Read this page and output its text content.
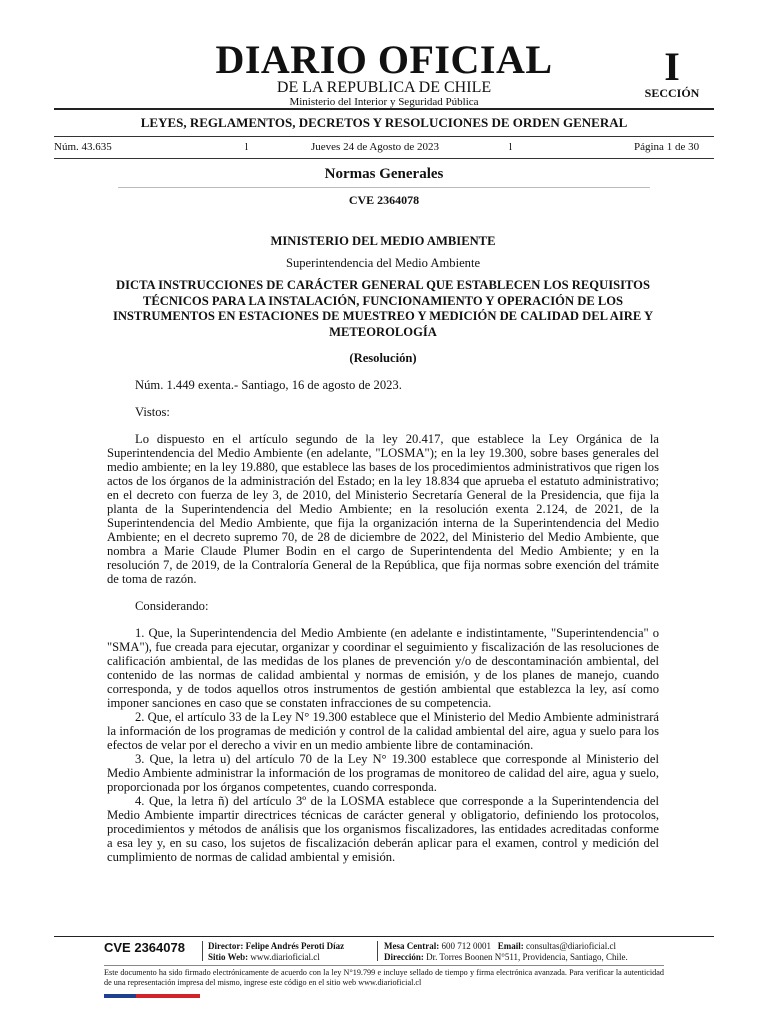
DIARIO OFICIAL
DE LA REPUBLICA DE CHILE
Ministerio del Interior y Seguridad Pública
I
SECCIÓN
LEYES, REGLAMENTOS, DECRETOS Y RESOLUCIONES DE ORDEN GENERAL
Núm. 43.635	l	Jueves 24 de Agosto de 2023	l	Página 1 de 30
Normas Generales
CVE 2364078

MINISTERIO DEL MEDIO AMBIENTE

Superintendencia del Medio Ambiente

DICTA INSTRUCCIONES DE CARÁCTER GENERAL QUE ESTABLECEN LOS REQUISITOS TÉCNICOS PARA LA INSTALACIÓN, FUNCIONAMIENTO Y OPERACIÓN DE LOS INSTRUMENTOS EN ESTACIONES DE MUESTREO Y MEDICIÓN DE CALIDAD DEL AIRE Y METEOROLOGÍA

(Resolución)

Núm. 1.449 exenta.- Santiago, 16 de agosto de 2023.

Vistos:

Lo dispuesto en el artículo segundo de la ley 20.417, que establece la Ley Orgánica de la Superintendencia del Medio Ambiente (en adelante, "LOSMA"); en la ley 19.300, sobre bases generales del medio ambiente; en la ley 19.880, que establece las bases de los procedimientos administrativos que rigen los actos de los órganos de la administración del Estado; en la ley 18.834 que aprueba el estatuto administrativo; en el decreto con fuerza de ley 3, de 2010, del Ministerio Secretaría General de la Presidencia, que fija la planta de la Superintendencia del Medio Ambiente; en la resolución exenta 2.124, de 2021, de la Superintendencia del Medio Ambiente, que fija la organización interna de la Superintendencia del Medio Ambiente; en el decreto supremo 70, de 28 de diciembre de 2022, del Ministerio del Medio Ambiente, que nombra a Marie Claude Plumer Bodin en el cargo de Superintendenta del Medio Ambiente; y en la resolución 7, de 2019, de la Contraloría General de la República, que fija normas sobre exención del trámite de toma de razón.

Considerando:

1. Que, la Superintendencia del Medio Ambiente (en adelante e indistintamente, "Superintendencia" o "SMA"), fue creada para ejecutar, organizar y coordinar el seguimiento y fiscalización de las resoluciones de calificación ambiental, de las medidas de los planes de prevención y/o de descontaminación ambiental, del contenido de las normas de calidad ambiental y normas de emisión, y de los planes de manejo, cuando corresponda, y de todos aquellos otros instrumentos de gestión ambiental que establezca la ley, así como imponer sanciones en caso que se constaten infracciones de su competencia.

2. Que, el artículo 33 de la Ley N° 19.300 establece que el Ministerio del Medio Ambiente administrará la información de los programas de medición y control de la calidad ambiental del aire, agua y suelo para los efectos de velar por el derecho a vivir en un medio ambiente libre de contaminación.

3. Que, la letra u) del artículo 70 de la Ley N° 19.300 establece que corresponde al Ministerio del Medio Ambiente administrar la información de los programas de monitoreo de calidad del aire, agua y suelo, proporcionada por los órganos competentes, cuando corresponda.

4. Que, la letra ñ) del artículo 3º de la LOSMA establece que corresponde a la Superintendencia del Medio Ambiente impartir directrices técnicas de carácter general y obligatorio, definiendo los protocolos, procedimientos y métodos de análisis que los organismos fiscalizadores, las entidades acreditadas conforme a esa ley y, en su caso, los sujetos de fiscalización deberán aplicar para el examen, control y medición del cumplimiento de normas de calidad ambiental y emisión.

CVE 2364078	Director: Felipe Andrés Peroti Díaz
Sitio Web: www.diarioficial.cl
Mesa Central: 600 712 0001 Email: consultas@diarioficial.cl
Dirección: Dr. Torres Boonen N°511, Providencia, Santiago, Chile.
Este documento ha sido firmado electrónicamente de acuerdo con la ley N°19.799 e incluye sellado de tiempo y firma electrónica avanzada. Para verificar la autenticidad de una representación impresa del mismo, ingrese este código en el sitio web www.diarioficial.cl
